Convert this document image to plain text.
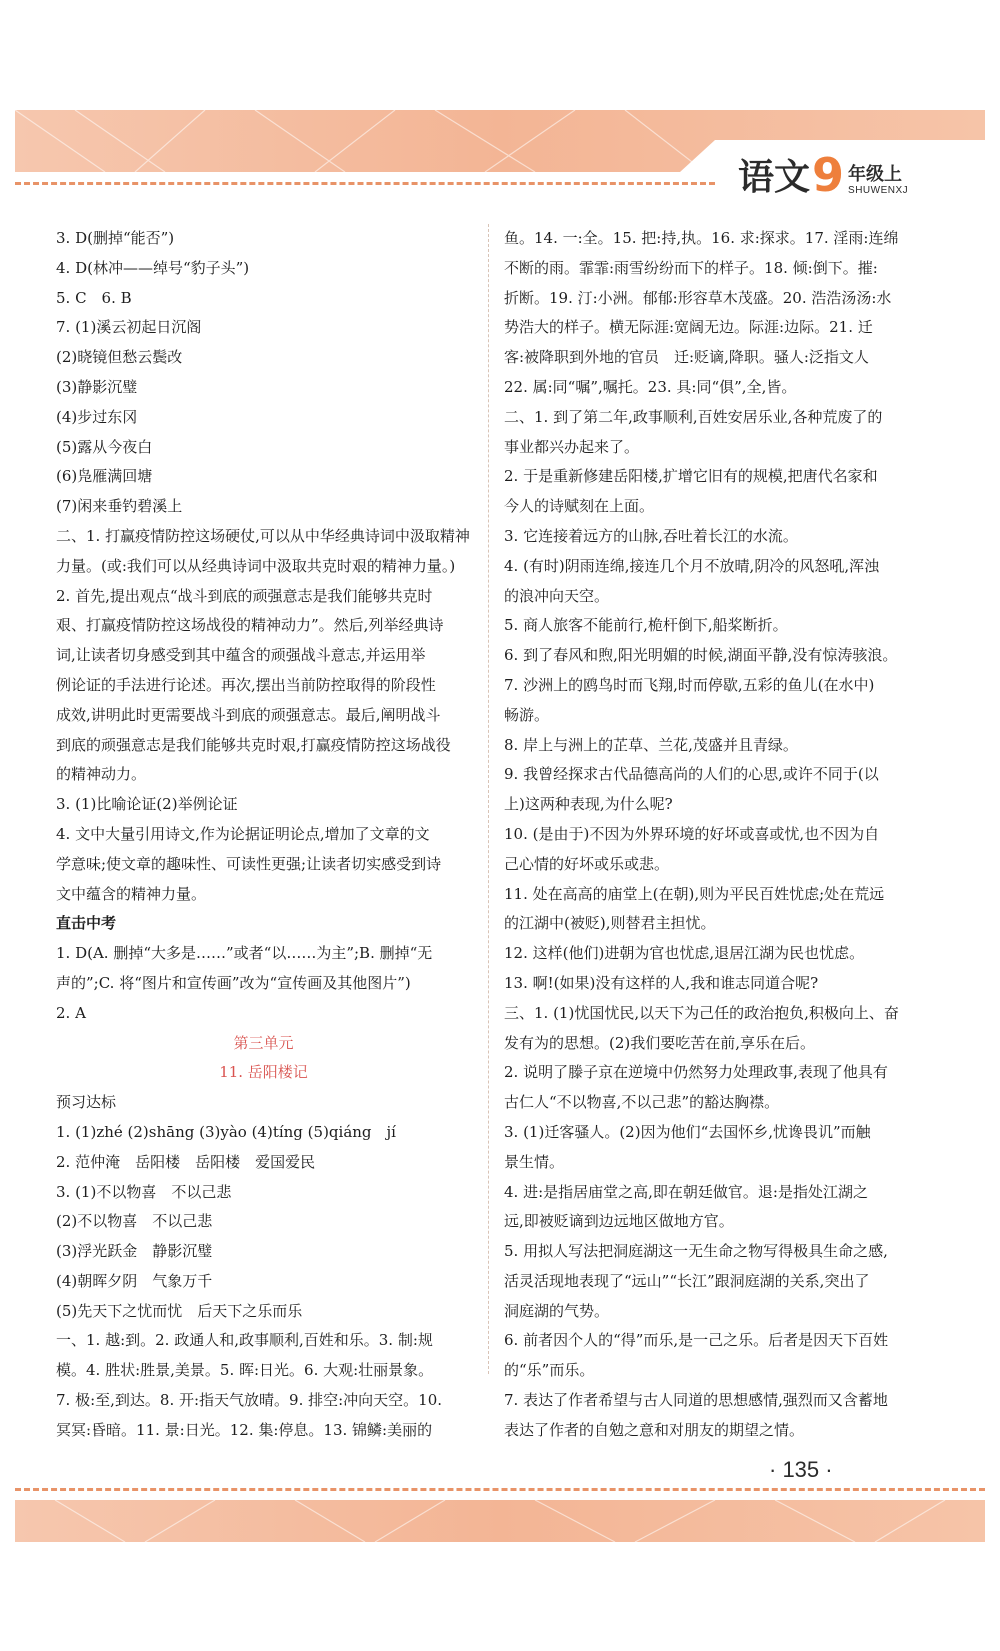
语文 9 年级上
SHUWENXJ
3. D(删掉“能否”)
4. D(林冲——绰号“豹子头”)
5. C　6. B
7. (1)溪云初起日沉阁
(2)晓镜但愁云鬓改
(3)静影沉璧
(4)步过东冈
(5)露从今夜白
(6)凫雁满回塘
(7)闲来垂钓碧溪上
二、1. 打赢疫情防控这场硬仗,可以从中华经典诗词中汲取精神
力量。(或:我们可以从经典诗词中汲取共克时艰的精神力量。)
2. 首先,提出观点“战斗到底的顽强意志是我们能够共克时
艰、打赢疫情防控这场战役的精神动力”。然后,列举经典诗
词,让读者切身感受到其中蕴含的顽强战斗意志,并运用举
例论证的手法进行论述。再次,摆出当前防控取得的阶段性
成效,讲明此时更需要战斗到底的顽强意志。最后,阐明战斗
到底的顽强意志是我们能够共克时艰,打赢疫情防控这场战役
的精神动力。
3. (1)比喻论证(2)举例论证
4. 文中大量引用诗文,作为论据证明论点,增加了文章的文
学意味;使文章的趣味性、可读性更强;让读者切实感受到诗
文中蕴含的精神力量。
直击中考
1. D(A. 删掉“大多是……”或者“以……为主”;B. 删掉“无
声的”;C. 将“图片和宣传画”改为“宣传画及其他图片”)
2. A
第三单元
11. 岳阳楼记
预习达标
1. (1)zhé (2)shāng (3)yào (4)tíng (5)qiáng　jí
2. 范仲淹　岳阳楼　岳阳楼　爱国爱民
3. (1)不以物喜　不以己悲
(2)不以物喜　不以己悲
(3)浮光跃金　静影沉璧
(4)朝晖夕阴　气象万千
(5)先天下之忧而忧　后天下之乐而乐
一、1. 越:到。2. 政通人和,政事顺利,百姓和乐。3. 制:规
模。4. 胜状:胜景,美景。5. 晖:日光。6. 大观:壮丽景象。
7. 极:至,到达。8. 开:指天气放晴。9. 排空:冲向天空。10.
冥冥:昏暗。11. 景:日光。12. 集:停息。13. 锦鳞:美丽的
鱼。14. 一:全。15. 把:持,执。16. 求:探求。17. 淫雨:连绵
不断的雨。霏霏:雨雪纷纷而下的样子。18. 倾:倒下。摧:
折断。19. 汀:小洲。郁郁:形容草木茂盛。20. 浩浩汤汤:水
势浩大的样子。横无际涯:宽阔无边。际涯:边际。21. 迁
客:被降职到外地的官员　迁:贬谪,降职。骚人:泛指文人
22. 属:同“嘱”,嘱托。23. 具:同“俱”,全,皆。
二、1. 到了第二年,政事顺利,百姓安居乐业,各种荒废了的
事业都兴办起来了。
2. 于是重新修建岳阳楼,扩增它旧有的规模,把唐代名家和
今人的诗赋刻在上面。
3. 它连接着远方的山脉,吞吐着长江的水流。
4. (有时)阴雨连绵,接连几个月不放晴,阴冷的风怒吼,浑浊
的浪冲向天空。
5. 商人旅客不能前行,桅杆倒下,船桨断折。
6. 到了春风和煦,阳光明媚的时候,湖面平静,没有惊涛骇浪。
7. 沙洲上的鸥鸟时而飞翔,时而停歇,五彩的鱼儿(在水中)
畅游。
8. 岸上与洲上的芷草、兰花,茂盛并且青绿。
9. 我曾经探求古代品德高尚的人们的心思,或许不同于(以
上)这两种表现,为什么呢?
10. (是由于)不因为外界环境的好坏或喜或忧,也不因为自
己心情的好坏或乐或悲。
11. 处在高高的庙堂上(在朝),则为平民百姓忧虑;处在荒远
的江湖中(被贬),则替君主担忧。
12. 这样(他们)进朝为官也忧虑,退居江湖为民也忧虑。
13. 啊!(如果)没有这样的人,我和谁志同道合呢?
三、1. (1)忧国忧民,以天下为己任的政治抱负,积极向上、奋
发有为的思想。(2)我们要吃苦在前,享乐在后。
2. 说明了滕子京在逆境中仍然努力处理政事,表现了他具有
古仁人“不以物喜,不以己悲”的豁达胸襟。
3. (1)迁客骚人。(2)因为他们“去国怀乡,忧谗畏讥”而触
景生情。
4. 进:是指居庙堂之高,即在朝廷做官。退:是指处江湖之
远,即被贬谪到边远地区做地方官。
5. 用拟人写法把洞庭湖这一无生命之物写得极具生命之感,
活灵活现地表现了“远山”“长江”跟洞庭湖的关系,突出了
洞庭湖的气势。
6. 前者因个人的“得”而乐,是一己之乐。后者是因天下百姓
的“乐”而乐。
7. 表达了作者希望与古人同道的思想感情,强烈而又含蓄地
表达了作者的自勉之意和对朋友的期望之情。
· 135 ·
